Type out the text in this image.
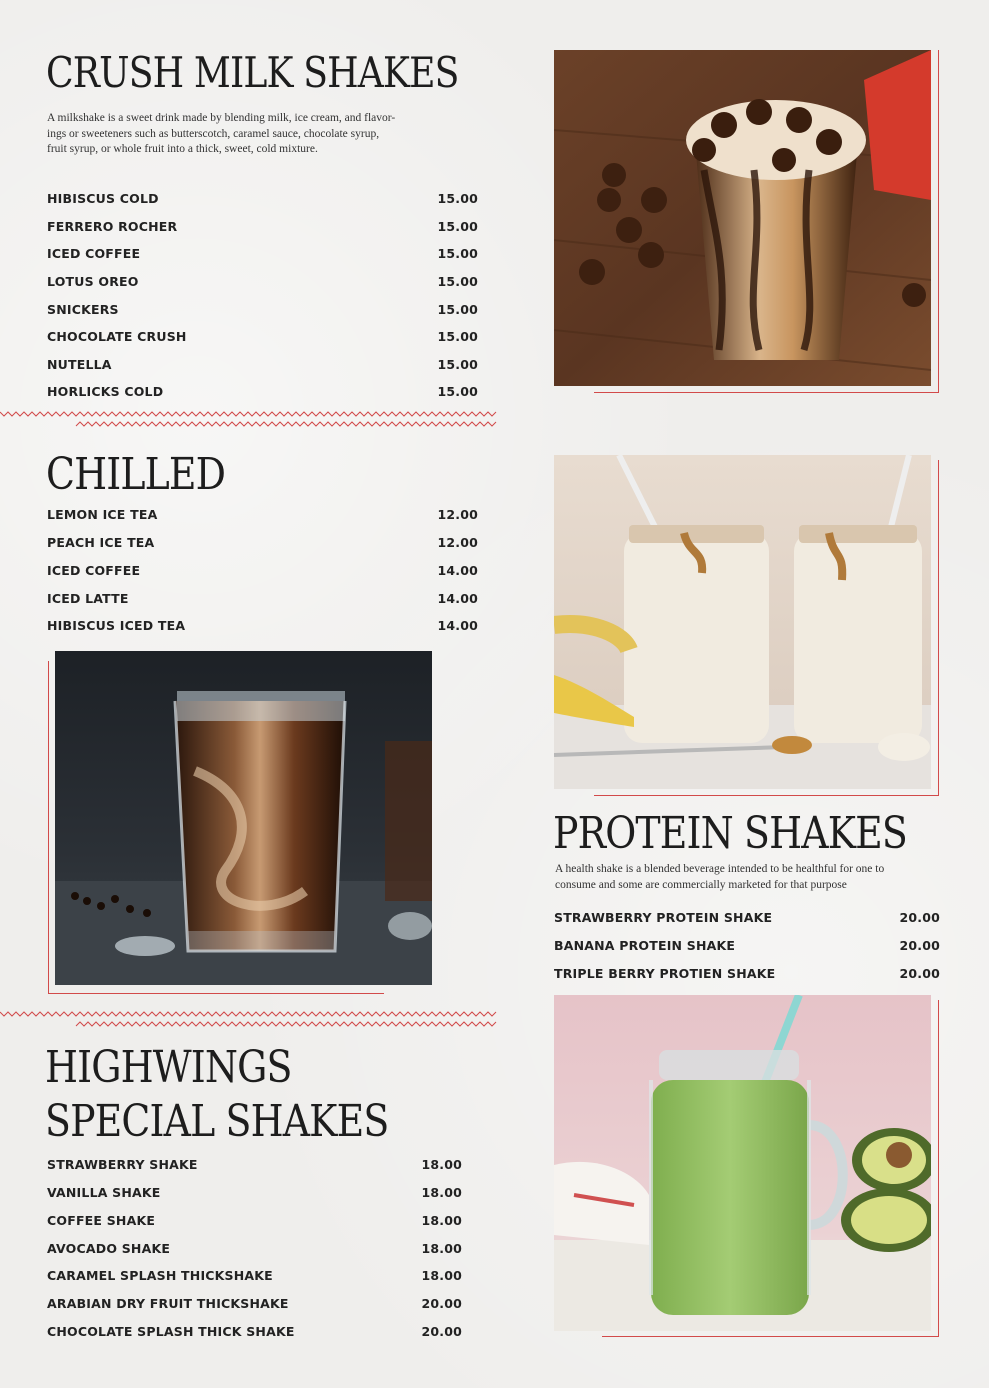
CRUSH MILK SHAKES

A milkshake is a sweet drink made by blending milk, ice cream, and flavor-
ings or sweeteners such as butterscotch, caramel sauce, chocolate syrup,
fruit syrup, or whole fruit into a thick, sweet, cold mixture.

HIBISCUS COLD	15.00
FERRERO ROCHER	15.00
ICED COFFEE	15.00
LOTUS OREO	15.00
SNICKERS	15.00
CHOCOLATE CRUSH	15.00
NUTELLA	15.00
HORLICKS COLD	15.00
CHILLED
LEMON ICE TEA	12.00
PEACH ICE TEA	12.00
ICED COFFEE	14.00
ICED LATTE	14.00
HIBISCUS ICED TEA	14.00
HIGHWINGS
SPECIAL SHAKES
STRAWBERRY SHAKE	18.00
VANILLA SHAKE	18.00
COFFEE SHAKE	18.00
AVOCADO SHAKE	18.00
CARAMEL SPLASH THICKSHAKE	18.00
ARABIAN DRY FRUIT THICKSHAKE	20.00
CHOCOLATE SPLASH THICK SHAKE	20.00
PROTEIN SHAKES

A health shake is a blended beverage intended to be healthful for one to
consume and some are commercially marketed for that purpose

STRAWBERRY PROTEIN SHAKE	20.00
BANANA PROTEIN SHAKE	20.00
TRIPLE BERRY PROTIEN SHAKE	20.00
